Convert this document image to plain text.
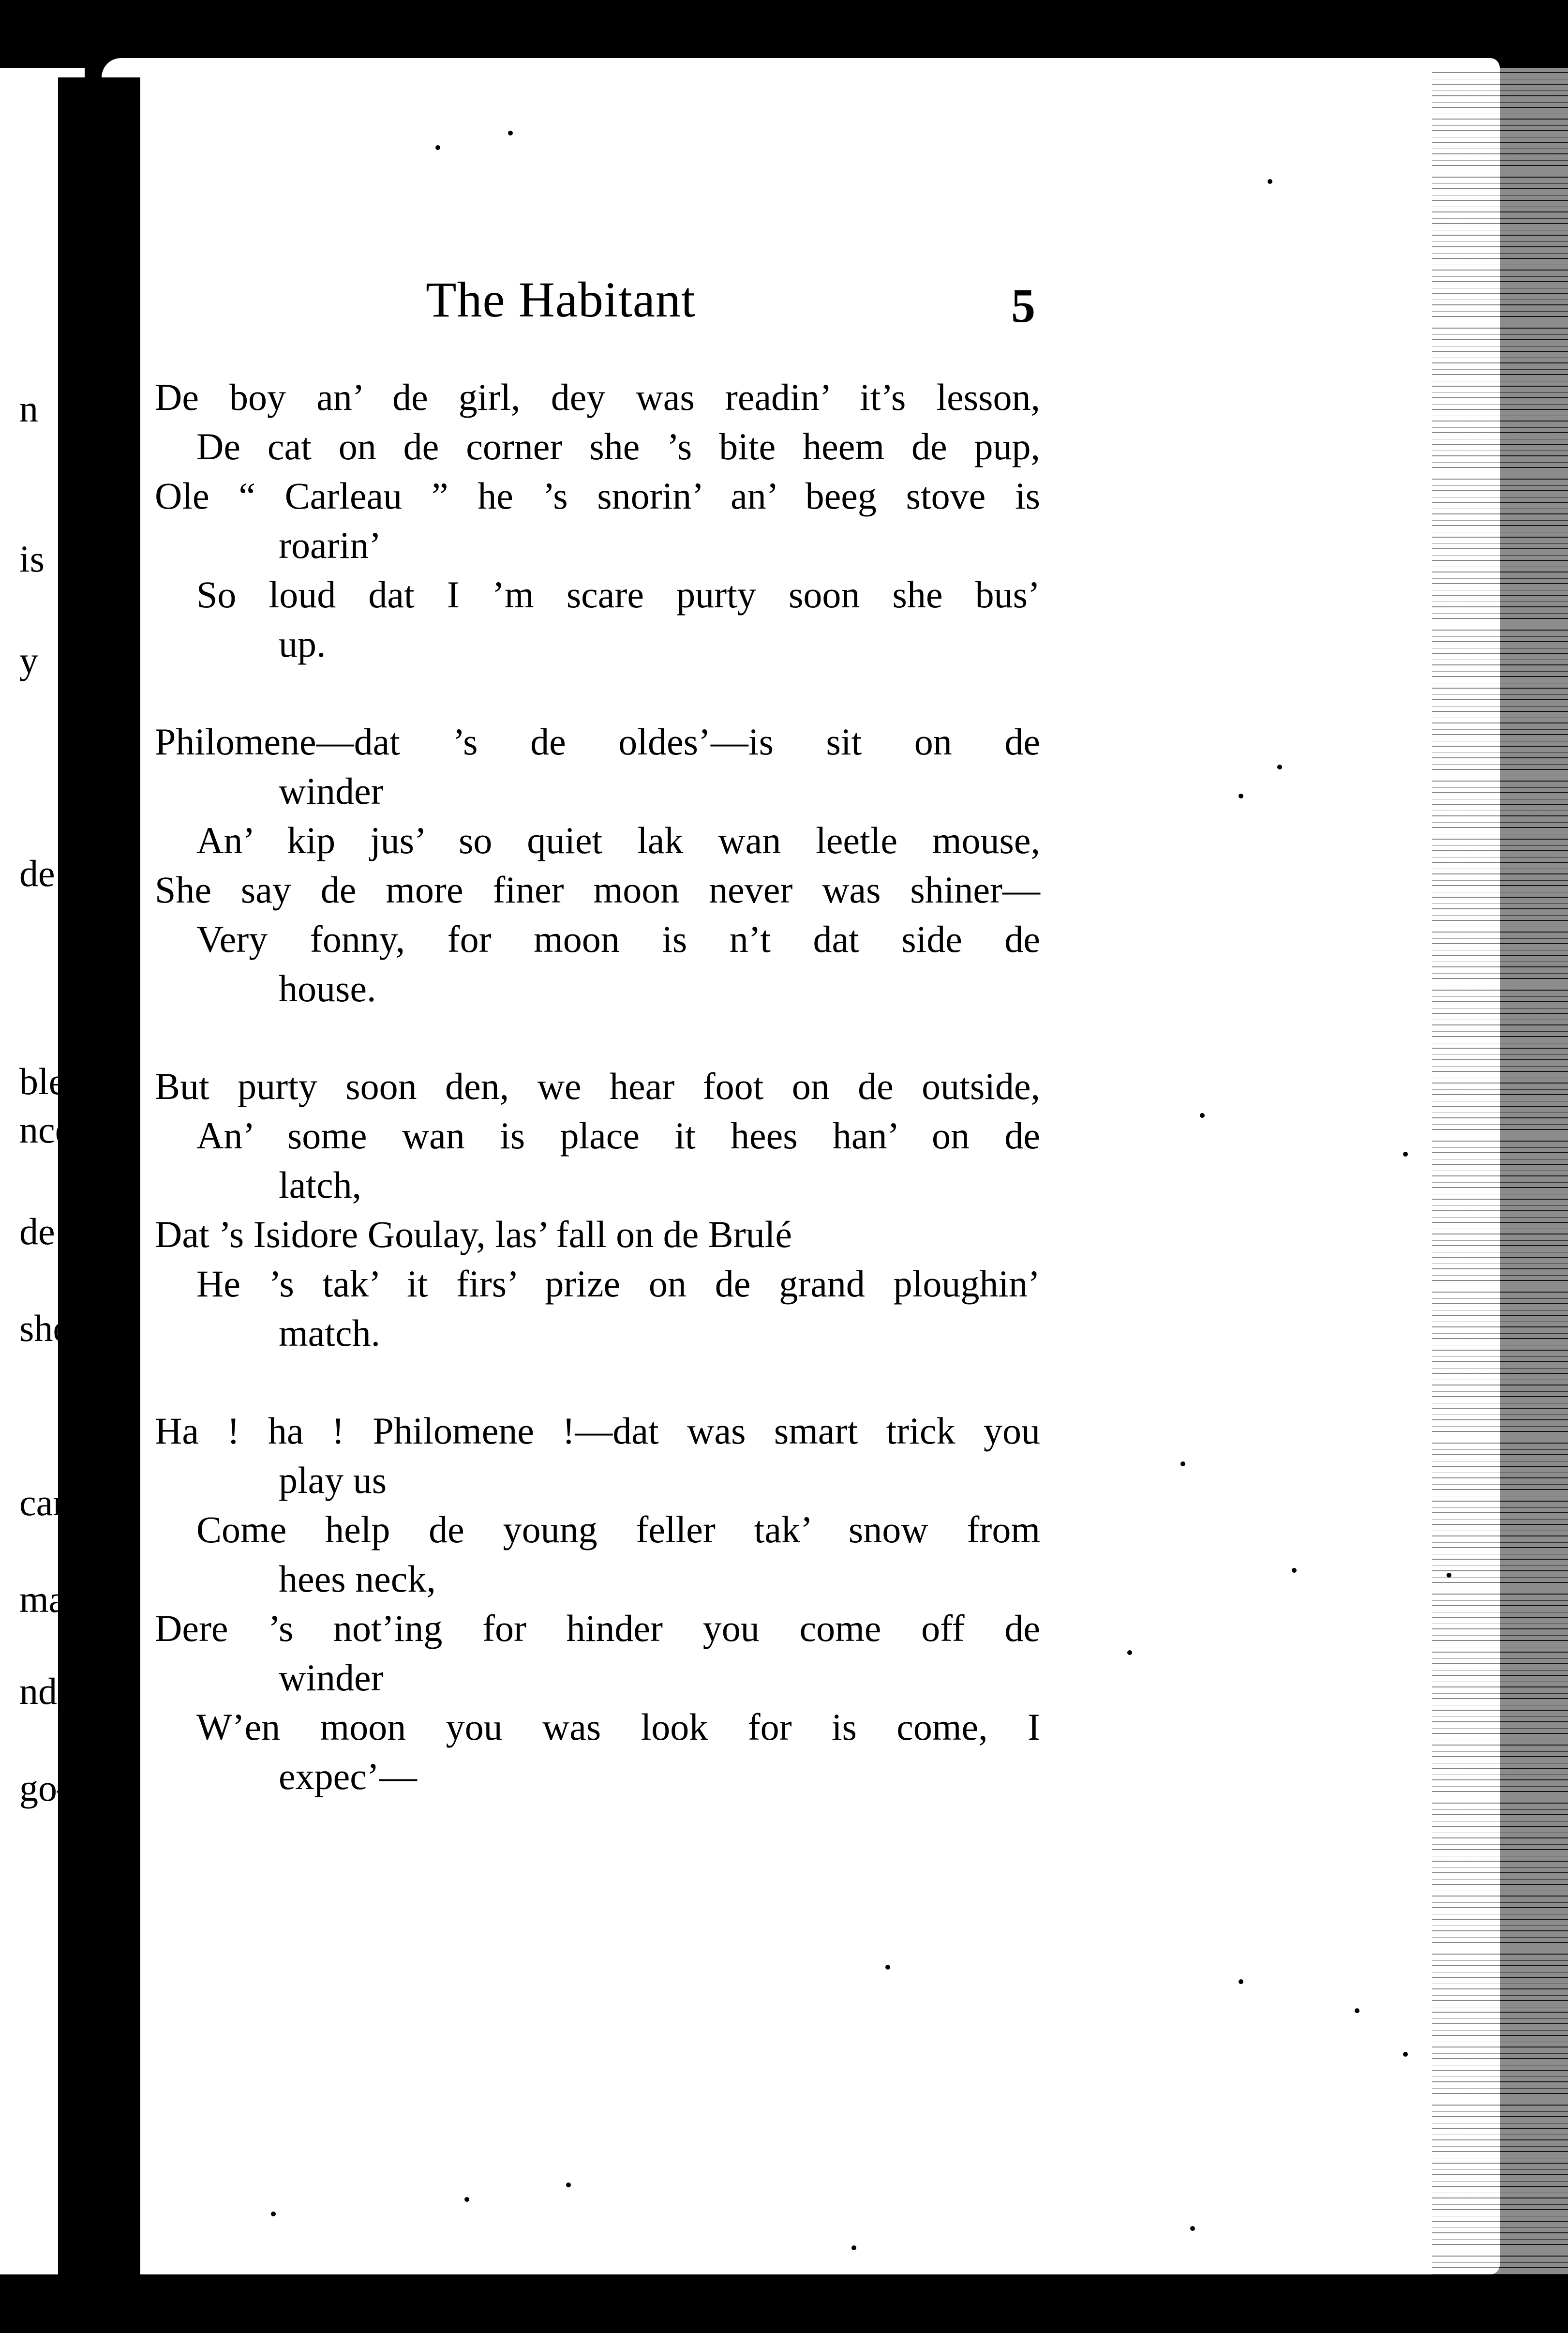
n
is
y
de
ble
nce
de
she
can
man
nder
go—
The Habitant	5
De boy an’ de girl, dey was readin’ it’s lesson,
De cat on de corner she ’s bite heem de pup,
Ole “ Carleau ” he ’s snorin’ an’ beeg stove is
roarin’
So loud dat I ’m scare purty soon she bus’
up.
Philomene—dat ’s de oldes’—is sit on de
winder
An’ kip jus’ so quiet lak wan leetle mouse,
She say de more finer moon never was shiner—
Very fonny, for moon is n’t dat side de
house.
But purty soon den, we hear foot on de outside,
An’ some wan is place it hees han’ on de
latch,
Dat ’s Isidore Goulay, las’ fall on de Brulé
He ’s tak’ it firs’ prize on de grand ploughin’
match.
Ha ! ha ! Philomene !—dat was smart trick you
play us
Come help de young feller tak’ snow from
hees neck,
Dere ’s not’ing for hinder you come off de
winder
W’en moon you was look for is come, I
expec’—
